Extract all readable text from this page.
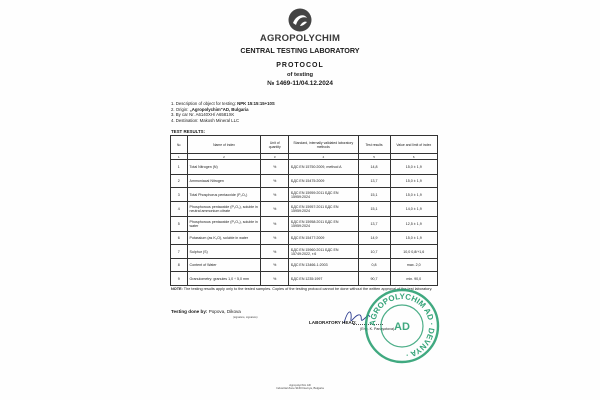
AGROPOLYCHIM
CENTRAL TESTING LABORATORY
PROTOCOL
of testing
№ 1469-11/04.12.2024
1. Description of object for testing: NPK 15:15:15+10S
2. Origin: „Agropolychim"AD, Bulgaria
3. By car Nr. A6140XH/ A6581XK
4. Destination: Makosh Mineral LLC
TEST RESULTS:
№	Name of index	Unit of quantity	Standard, internally validated laboratory methods	Test results	Value and limit of index
1	2	3	4	5	6
1	Total Nitrogen (N)	%	БДС EN 15750:2009, method A	14,8	15,0 ± 1,9
2	Ammoniacal Nitrogen	%	БДС EN 15475:2009	13,7	15,0 ± 1,9
3	Total Phosphorus pentaoxide (P₂O₅)	%	БДС EN 15959:2011 БДС EN 15959:2024	15,1	15,0 ± 1,9
4	Phosphorous pentaoxide (P₂O₅), soluble in neutral ammonium citrate	%	БДС EN 15957:2011 БДС EN 15959:2024	15,1	14,0 ± 1,9
5	Phosphorous pentaoxide (P₂O₅), soluble in water	%	БДС EN 15958:2011 БДС EN 15959:2024	13,7	12,5 ± 1,9
6	Potassium (as K₂O), soluble in water	%	БДС EN 15477:2009	14,9	15,0 ± 1,9
7	Sulphur (S)	%	БДС EN 15960:2011 БДС EN 15749:2022, т.6	10,7	10,0 0,8/+1,6
8	Content of Water	%	БДС EN 13466-1:2003	0,8	max. 2,0
9	Granulometry: granules 1,0 ÷ 5,0 mm	%	БДС EN 1235:1997	90,7	min. 90,0
NOTE: The testing results apply only to the tested samples. Copies of the testing protocol cannot be done without the written approval of the test laboratory.
Testing done by: Popova, Dikova
(signature, signature)
LABORATORY HEAD:
(Eng. K. Panayotova)
AGROPOLYCHIM AD · DEVNYA ·
AD
Agropolychim AD
Industrial Zone 9160 Devnya, Bulgaria
